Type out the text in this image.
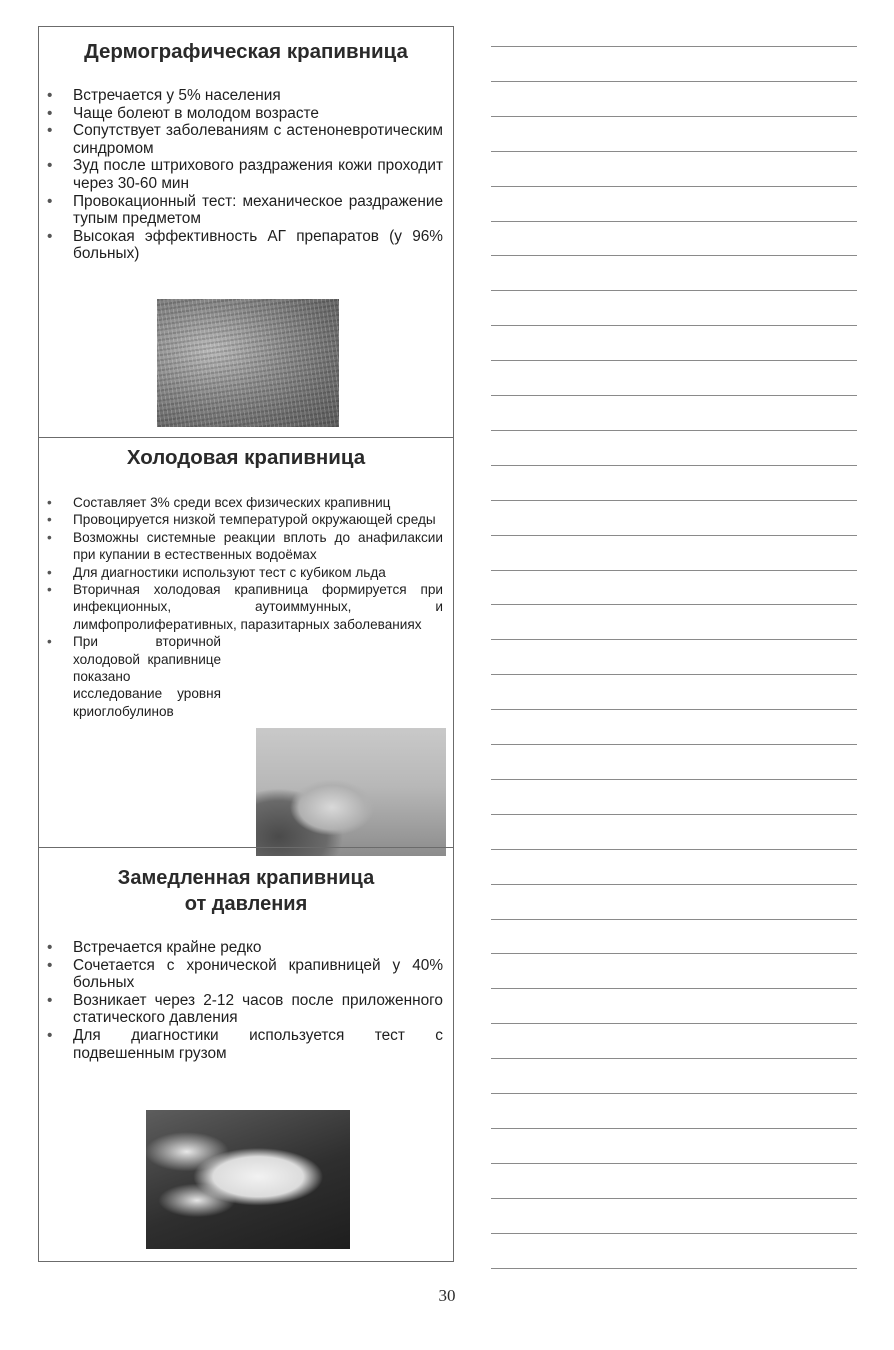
Дермографическая крапивница
• Встречается у 5% населения
• Чаще болеют в молодом возрасте
• Сопутствует заболеваниям с астеноневротическим синдромом
• Зуд после штрихового раздражения кожи проходит через 30-60 мин
• Провокационный тест: механическое раздражение тупым предметом
• Высокая эффективность АГ препаратов (у 96% больных)
Холодовая крапивница
• Составляет 3% среди всех физических крапивниц
• Провоцируется низкой температурой окружающей среды
• Возможны системные реакции вплоть до анафилаксии при купании в естественных водоёмах
• Для диагностики используют тест с кубиком льда
• Вторичная холодовая крапивница формируется при инфекционных, аутоиммунных, и лимфопролиферативных, паразитарных заболеваниях
• При вторичной холодовой крапивнице показано исследование уровня криоглобулинов
Замедленная крапивница
от давления
• Встречается крайне редко
• Сочетается с хронической крапивницей у 40% больных
• Возникает через 2-12 часов после приложенного статического давления
• Для диагностики используется тест с подвешенным грузом
30
